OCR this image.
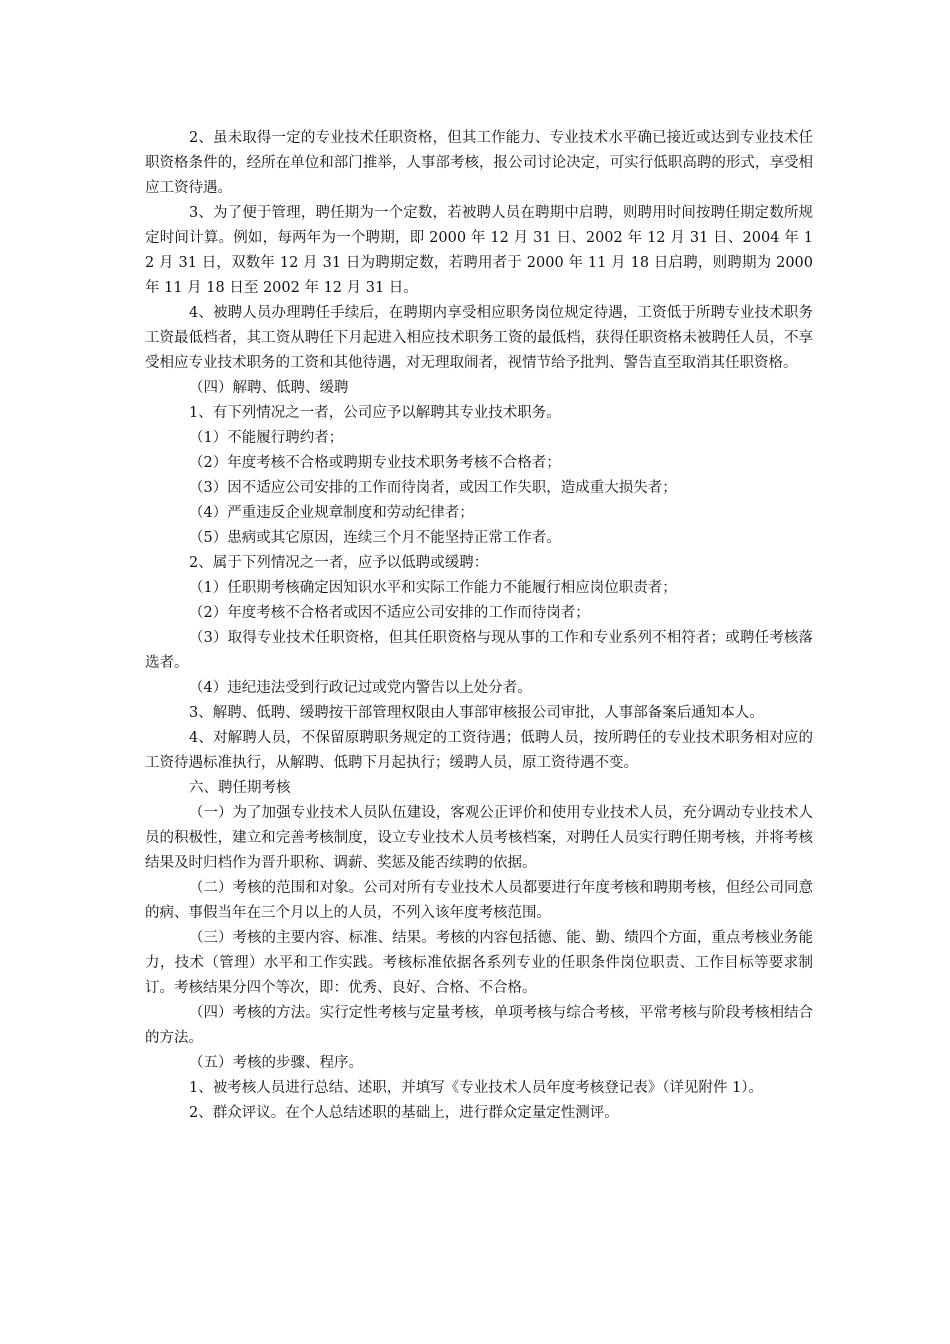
2、虽未取得一定的专业技术任职资格，但其工作能力、专业技术水平确已接近或达到专业技术任职资格条件的，经所在单位和部门推举，人事部考核，报公司讨论决定，可实行低职高聘的形式，享受相应工资待遇。

3、为了便于管理，聘任期为一个定数，若被聘人员在聘期中启聘，则聘用时间按聘任期定数所规定时间计算。例如，每两年为一个聘期，即 2000 年 12 月 31 日、2002 年 12 月 31 日、2004 年 12 月 31 日，双数年 12 月 31 日为聘期定数，若聘用者于 2000 年 11 月 18 日启聘，则聘期为 2000 年 11 月 18 日至 2002 年 12 月 31 日。

4、被聘人员办理聘任手续后，在聘期内享受相应职务岗位规定待遇，工资低于所聘专业技术职务工资最低档者，其工资从聘任下月起进入相应技术职务工资的最低档，获得任职资格未被聘任人员，不享受相应专业技术职务的工资和其他待遇，对无理取闹者，视情节给予批判、警告直至取消其任职资格。

（四）解聘、低聘、缓聘

1、有下列情况之一者，公司应予以解聘其专业技术职务。

（1）不能履行聘约者；

（2）年度考核不合格或聘期专业技术职务考核不合格者；

（3）因不适应公司安排的工作而待岗者，或因工作失职，造成重大损失者；

（4）严重违反企业规章制度和劳动纪律者；

（5）患病或其它原因，连续三个月不能坚持正常工作者。

2、属于下列情况之一者，应予以低聘或缓聘：

（1）任职期考核确定因知识水平和实际工作能力不能履行相应岗位职责者；

（2）年度考核不合格者或因不适应公司安排的工作而待岗者；

（3）取得专业技术任职资格，但其任职资格与现从事的工作和专业系列不相符者；或聘任考核落选者。

（4）违纪违法受到行政记过或党内警告以上处分者。

3、解聘、低聘、缓聘按干部管理权限由人事部审核报公司审批，人事部备案后通知本人。

4、对解聘人员，不保留原聘职务规定的工资待遇；低聘人员，按所聘任的专业技术职务相对应的工资待遇标准执行，从解聘、低聘下月起执行；缓聘人员，原工资待遇不变。

六、聘任期考核

（一）为了加强专业技术人员队伍建设，客观公正评价和使用专业技术人员，充分调动专业技术人员的积极性，建立和完善考核制度，设立专业技术人员考核档案，对聘任人员实行聘任期考核，并将考核结果及时归档作为晋升职称、调薪、奖惩及能否续聘的依据。

（二）考核的范围和对象。公司对所有专业技术人员都要进行年度考核和聘期考核，但经公司同意的病、事假当年在三个月以上的人员，不列入该年度考核范围。

（三）考核的主要内容、标准、结果。考核的内容包括德、能、勤、绩四个方面，重点考核业务能力，技术（管理）水平和工作实践。考核标准依据各系列专业的任职条件岗位职责、工作目标等要求制订。考核结果分四个等次，即：优秀、良好、合格、不合格。

（四）考核的方法。实行定性考核与定量考核，单项考核与综合考核，平常考核与阶段考核相结合的方法。

（五）考核的步骤、程序。

1、被考核人员进行总结、述职，并填写《专业技术人员年度考核登记表》（详见附件 1）。

2、群众评议。在个人总结述职的基础上，进行群众定量定性测评。
